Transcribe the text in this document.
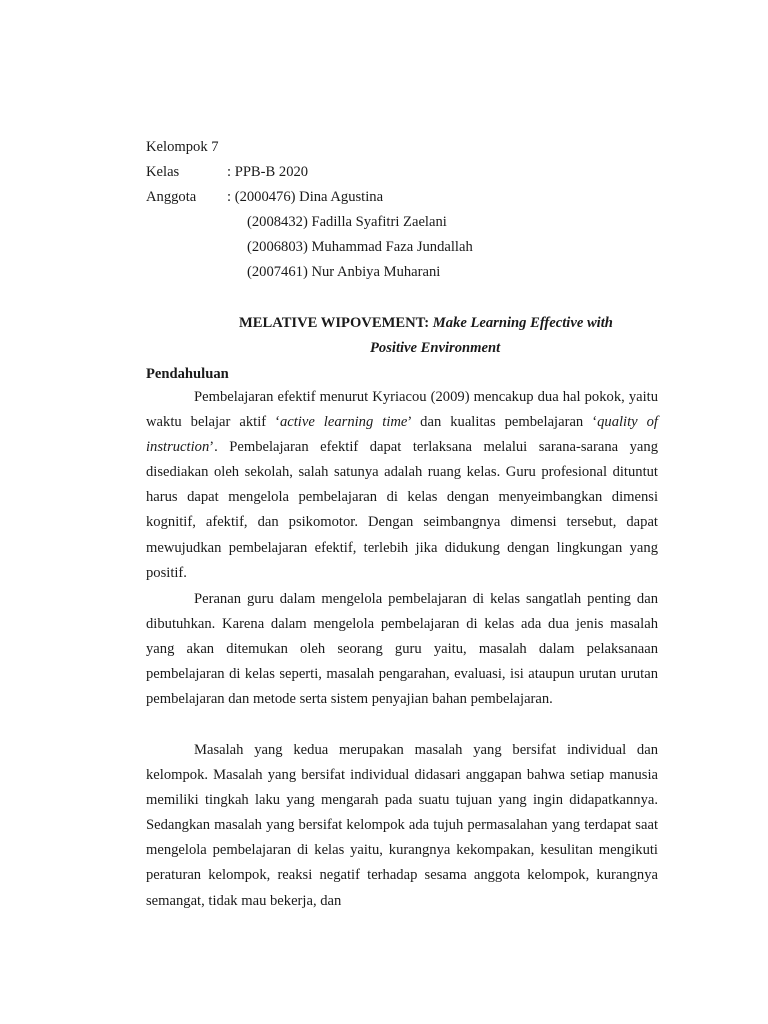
Kelompok 7
Kelas	: PPB-B 2020
Anggota : (2000476) Dina Agustina
(2008432) Fadilla Syafitri Zaelani
(2006803) Muhammad Faza Jundallah
(2007461) Nur Anbiya Muharani
MELATIVE WIPOVEMENT: Make Learning Effective with
Positive Environment
Pendahuluan

Pembelajaran efektif menurut Kyriacou (2009) mencakup dua hal pokok, yaitu waktu belajar aktif ‘active learning time’ dan kualitas pembelajaran ‘quality of instruction’. Pembelajaran efektif dapat terlaksana melalui sarana-sarana yang disediakan oleh sekolah, salah satunya adalah ruang kelas. Guru profesional dituntut harus dapat mengelola pembelajaran di kelas dengan menyeimbangkan dimensi kognitif, afektif, dan psikomotor. Dengan seimbangnya dimensi tersebut, dapat mewujudkan pembelajaran efektif, terlebih jika didukung dengan lingkungan yang positif.

Peranan guru dalam mengelola pembelajaran di kelas sangatlah penting dan dibutuhkan. Karena dalam mengelola pembelajaran di kelas ada dua jenis masalah yang akan ditemukan oleh seorang guru yaitu, masalah dalam pelaksanaan pembelajaran di kelas seperti, masalah pengarahan, evaluasi, isi ataupun urutan urutan pembelajaran dan metode serta sistem penyajian bahan pembelajaran.

Masalah yang kedua merupakan masalah yang bersifat individual dan kelompok. Masalah yang bersifat individual didasari anggapan bahwa setiap manusia memiliki tingkah laku yang mengarah pada suatu tujuan yang ingin didapatkannya. Sedangkan masalah yang bersifat kelompok ada tujuh permasalahan yang terdapat saat mengelola pembelajaran di kelas yaitu, kurangnya kekompakan, kesulitan mengikuti peraturan kelompok, reaksi negatif terhadap sesama anggota kelompok, kurangnya semangat, tidak mau bekerja, dan
